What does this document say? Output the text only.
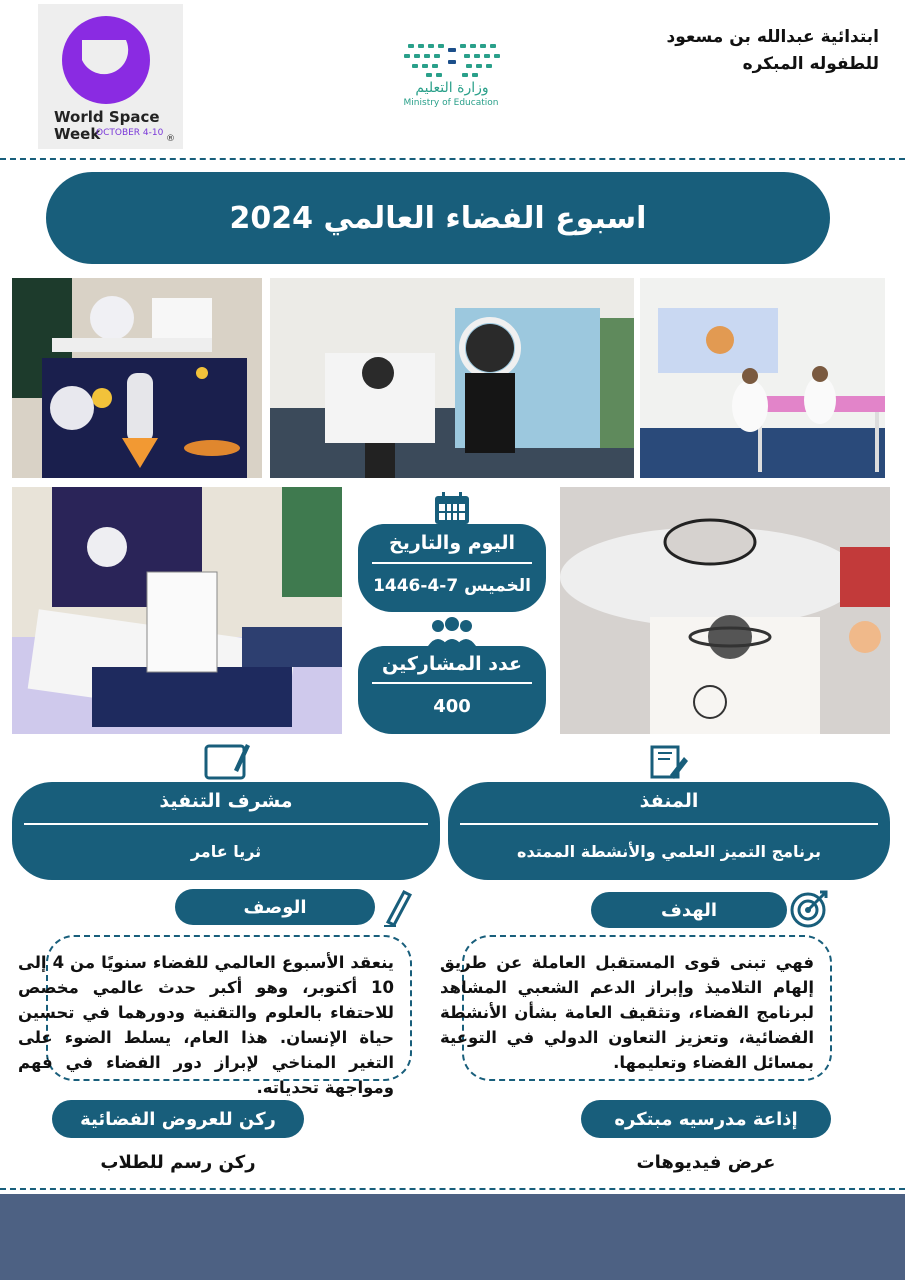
World Space
Week
OCTOBER 4-10
®
وزارة التعليم
Ministry of Education
ابتدائية عبدالله بن مسعود
للطفوله المبكره
اسبوع الفضاء العالمي 2024
اليوم والتاريخ
الخميس 7-4-1446
عدد المشاركين
400
مشرف التنفيذ
ثريا عامر
المنفذ
برنامج التميز العلمي والأنشطة الممتده
الوصف
ينعقد الأسبوع العالمي للفضاء سنويًا من 4 إلى 10 أكتوبر، وهو أكبر حدث عالمي مخصص للاحتفاء بالعلوم والتقنية ودورهما في تحسين حياة الإنسان. هذا العام، يسلط الضوء على التغير المناخي لإبراز دور الفضاء في فهم ومواجهة تحدياته.
الهدف
فهي تبنى قوى المستقبل العاملة عن طريق إلهام التلاميذ وإبراز الدعم الشعبي المشاهد لبرنامج الفضاء، وتثقيف العامة بشأن الأنشطة الفضائية، وتعزيز التعاون الدولي في التوعية بمسائل الفضاء وتعليمها.
إذاعة مدرسيه مبتكره
عرض فيديوهات
ركن للعروض الفضائية
ركن رسم للطلاب
